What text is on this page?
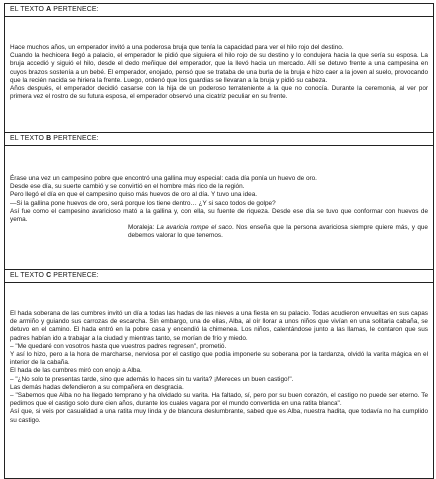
EL TEXTO A PERTENECE:

Hace muchos años, un emperador invitó a una poderosa bruja que tenía la capacidad para ver el hilo rojo del destino.

Cuando la hechicera llegó a palacio, el emperador le pidió que siguiera el hilo rojo de su destino y lo condujera hacia la que sería su esposa. La bruja accedió y siguió el hilo, desde el dedo meñique del emperador, que la llevó hacia un mercado. Allí se detuvo frente a una campesina en cuyos brazos sostenía a un bebé. El emperador, enojado, pensó que se trataba de una burla de la bruja e hizo caer a la joven al suelo, provocando que la recién nacida se hiriera la frente. Luego, ordenó que los guardias se llevaran a la bruja y pidió su cabeza.

Años después, el emperador decidió casarse con la hija de un poderoso terrateniente a la que no conocía. Durante la ceremonia, al ver por primera vez el rostro de su futura esposa, el emperador observó una cicatriz peculiar en su frente.

EL TEXTO B PERTENECE:

Érase una vez un campesino pobre que encontró una gallina muy especial: cada día ponía un huevo de oro.

Desde ese día, su suerte cambió y se convirtió en el hombre más rico de la región.

Pero llegó el día en que el campesino quiso más huevos de oro al día. Y tuvo una idea.

—Si la gallina pone huevos de oro, será porque los tiene dentro… ¿Y si saco todos de golpe?

Así fue como el campesino avaricioso mató a la gallina y, con ella, su fuente de riqueza. Desde ese día se tuvo que conformar con huevos de yema.

Moraleja: La avaricia rompe el saco. Nos enseña que la persona avariciosa siempre quiere más, y que debemos valorar lo que tenemos.

EL TEXTO C PERTENECE:

El hada soberana de las cumbres invitó un día a todas las hadas de las nieves a una fiesta en su palacio. Todas acudieron envueltas en sus capas de armiño y guiando sus carrozas de escarcha. Sin embargo, una de ellas, Alba, al oír llorar a unos niños que vivían en una solitaria cabaña, se detuvo en el camino. El hada entró en la pobre casa y encendió la chimenea. Los niños, calentándose junto a las llamas, le contaron que sus padres habían ido a trabajar a la ciudad y mientras tanto, se morían de frío y miedo.

– "Me quedaré con vosotros hasta que vuestros padres regresen", prometió.

Y así lo hizo, pero a la hora de marcharse, nerviosa por el castigo que podía imponerle su soberana por la tardanza, olvidó la varita mágica en el interior de la cabaña.

El hada de las cumbres miró con enojo a Alba.

– "¿No solo te presentas tarde, sino que además lo haces sin tu varita? ¡Mereces un buen castigo!".

Las demás hadas defendieron a su compañera en desgracia.

– "Sabemos que Alba no ha llegado temprano y ha olvidado su varita. Ha faltado, sí, pero por su buen corazón, el castigo no puede ser eterno. Te pedimos que el castigo solo dure cien años, durante los cuales vagara por el mundo convertida en una ratita blanca".

Así que, si veis por casualidad a una ratita muy linda y de blancura deslumbrante, sabed que es Alba, nuestra hadita, que todavía no ha cumplido su castigo.
